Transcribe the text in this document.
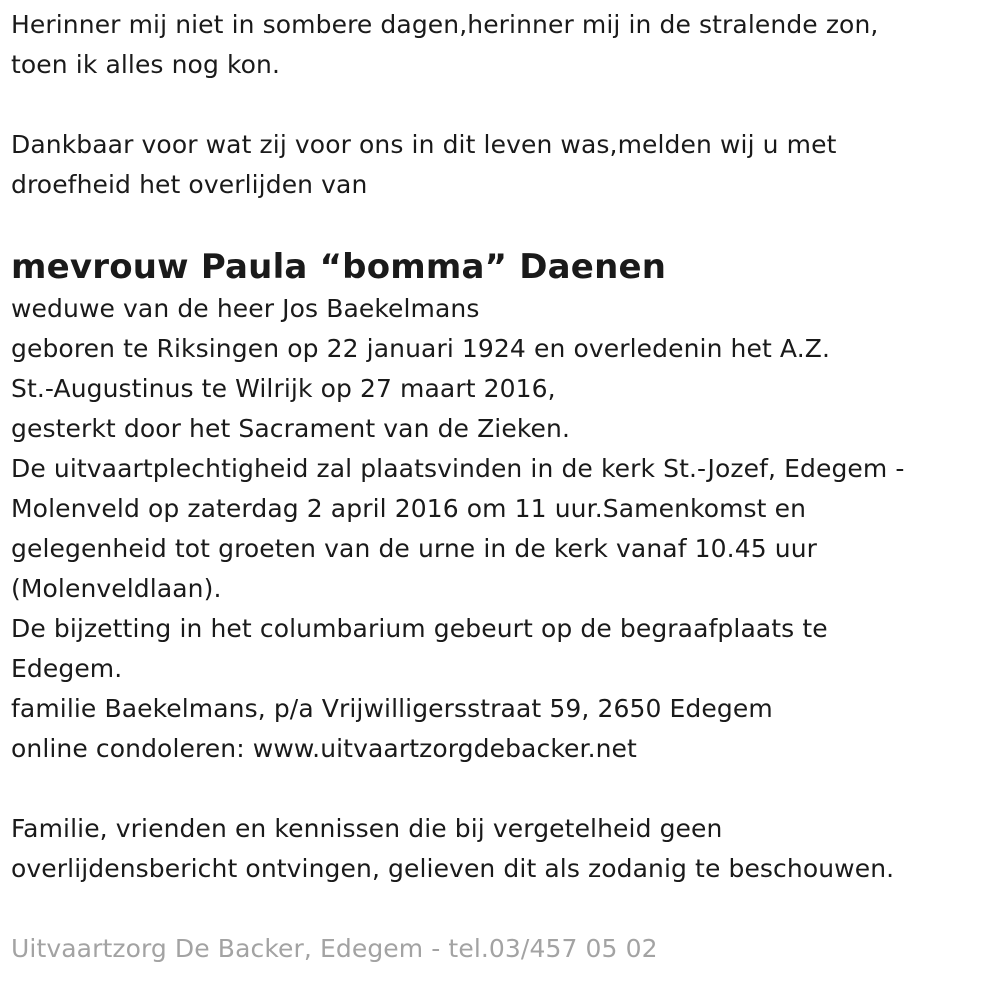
Herinner mij niet in sombere dagen,herinner mij in de stralende zon,
toen ik alles nog kon.
Dankbaar voor wat zij voor ons in dit leven was,melden wij u met
droefheid het overlijden van
mevrouw Paula “bomma” Daenen
weduwe van de heer Jos Baekelmans
geboren te Riksingen op 22 januari 1924 en overledenin het A.Z.
St.-Augustinus te Wilrijk op 27 maart 2016,
gesterkt door het Sacrament van de Zieken.
De uitvaartplechtigheid zal plaatsvinden in de kerk St.-Jozef, Edegem -
Molenveld op zaterdag 2 april 2016 om 11 uur.Samenkomst en
gelegenheid tot groeten van de urne in de kerk vanaf 10.45 uur
(Molenveldlaan).
De bijzetting in het columbarium gebeurt op de begraafplaats te
Edegem.
familie Baekelmans, p/a Vrijwilligersstraat 59, 2650 Edegem
online condoleren: www.uitvaartzorgdebacker.net
Familie, vrienden en kennissen die bij vergetelheid geen
overlijdensbericht ontvingen, gelieven dit als zodanig te beschouwen.
Uitvaartzorg De Backer, Edegem - tel.03/457 05 02
